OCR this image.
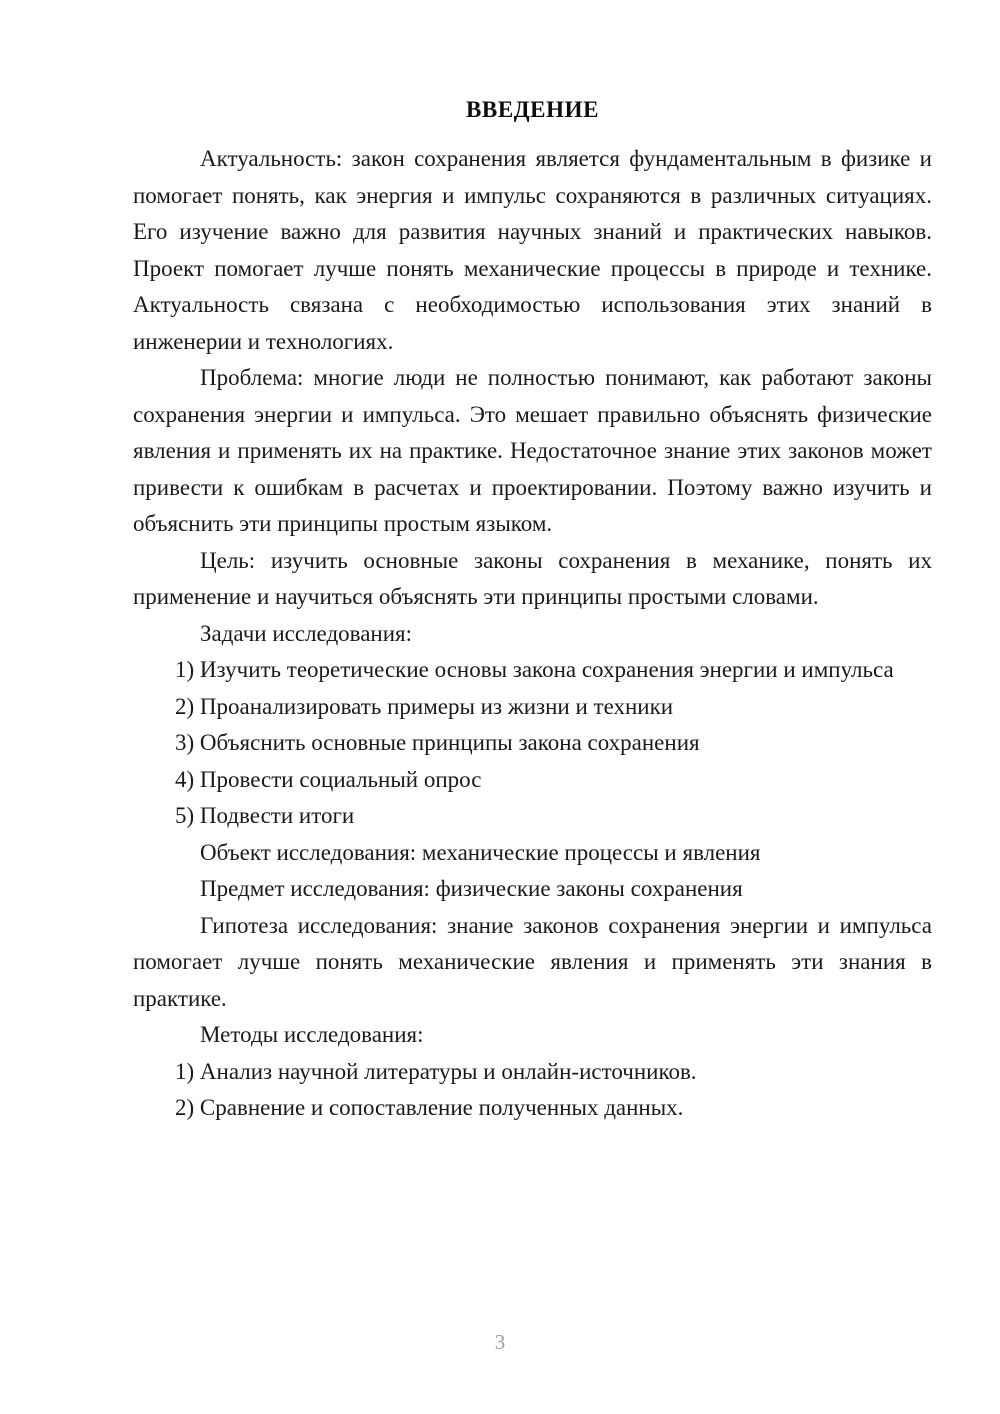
ВВЕДЕНИЕ

Актуальность: закон сохранения является фундаментальным в физике и помогает понять, как энергия и импульс сохраняются в различных ситуациях. Его изучение важно для развития научных знаний и практических навыков. Проект помогает лучше понять механические процессы в природе и технике. Актуальность связана с необходимостью использования этих знаний в инженерии и технологиях.

Проблема: многие люди не полностью понимают, как работают законы сохранения энергии и импульса. Это мешает правильно объяснять физические явления и применять их на практике. Недостаточное знание этих законов может привести к ошибкам в расчетах и проектировании. Поэтому важно изучить и объяснить эти принципы простым языком.

Цель: изучить основные законы сохранения в механике, понять их применение и научиться объяснять эти принципы простыми словами.

Задачи исследования:

1) Изучить теоретические основы закона сохранения энергии и импульса

2) Проанализировать примеры из жизни и техники

3) Объяснить основные принципы закона сохранения

4) Провести социальный опрос

5) Подвести итоги

Объект исследования: механические процессы и явления

Предмет исследования: физические законы сохранения

Гипотеза исследования: знание законов сохранения энергии и импульса помогает лучше понять механические явления и применять эти знания в практике.

Методы исследования:

1) Анализ научной литературы и онлайн-источников.

2) Сравнение и сопоставление полученных данных.

3
